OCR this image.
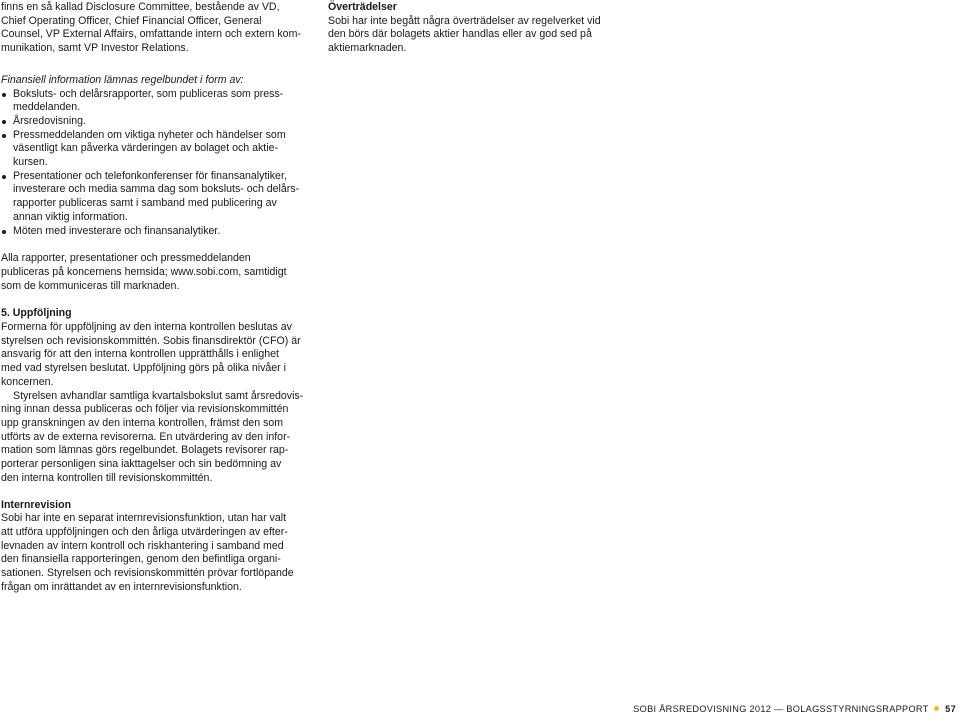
finns en så kallad Disclosure Committee, bestående av VD,
Chief Operating Officer, Chief Financial Officer, General
Counsel, VP External Affairs, omfattande intern och extern kom-
munikation, samt VP Investor Relations.

Finansiell information lämnas regelbundet i form av:

Boksluts- och delårsrapporter, som publiceras som press-
meddelanden.
Årsredovisning.
Pressmeddelanden om viktiga nyheter och händelser som
väsentligt kan påverka värderingen av bolaget och aktie-
kursen.
Presentationer och telefonkonferenser för finansanalytiker,
investerare och media samma dag som boksluts- och delårs-
rapporter publiceras samt i samband med publicering av
annan viktig information.
Möten med investerare och finansanalytiker.

Alla rapporter, presentationer och pressmeddelanden
publiceras på koncernens hemsida; www.sobi.com, samtidigt
som de kommuniceras till marknaden.

5. Uppföljning

Formerna för uppföljning av den interna kontrollen beslutas av
styrelsen och revisionskommittén. Sobis finansdirektör (CFO) är
ansvarig för att den interna kontrollen upprätthålls i enlighet
med vad styrelsen beslutat. Uppföljning görs på olika nivåer i
koncernen.

Styrelsen avhandlar samtliga kvartalsbokslut samt årsredovis-
ning innan dessa publiceras och följer via revisionskommittén
upp granskningen av den interna kontrollen, främst den som
utförts av de externa revisorerna. En utvärdering av den infor-
mation som lämnas görs regelbundet. Bolagets revisorer rap-
porterar personligen sina iakttagelser och sin bedömning av
den interna kontrollen till revisionskommittén.

Internrevision

Sobi har inte en separat internrevisionsfunktion, utan har valt
att utföra uppföljningen och den årliga utvärderingen av efter-
levnaden av intern kontroll och riskhantering i samband med
den finansiella rapporteringen, genom den befintliga organi-
sationen. Styrelsen och revisionskommittén prövar fortlöpande
frågan om inrättandet av en internrevisionsfunktion.

Överträdelser

Sobi har inte begått några överträdelser av regelverket vid
den börs där bolagets aktier handlas eller av god sed på
aktiemarknaden.

SOBI ÅRSREDOVISNING 2012 — BOLAGSSTYRNINGSRAPPORT 57
